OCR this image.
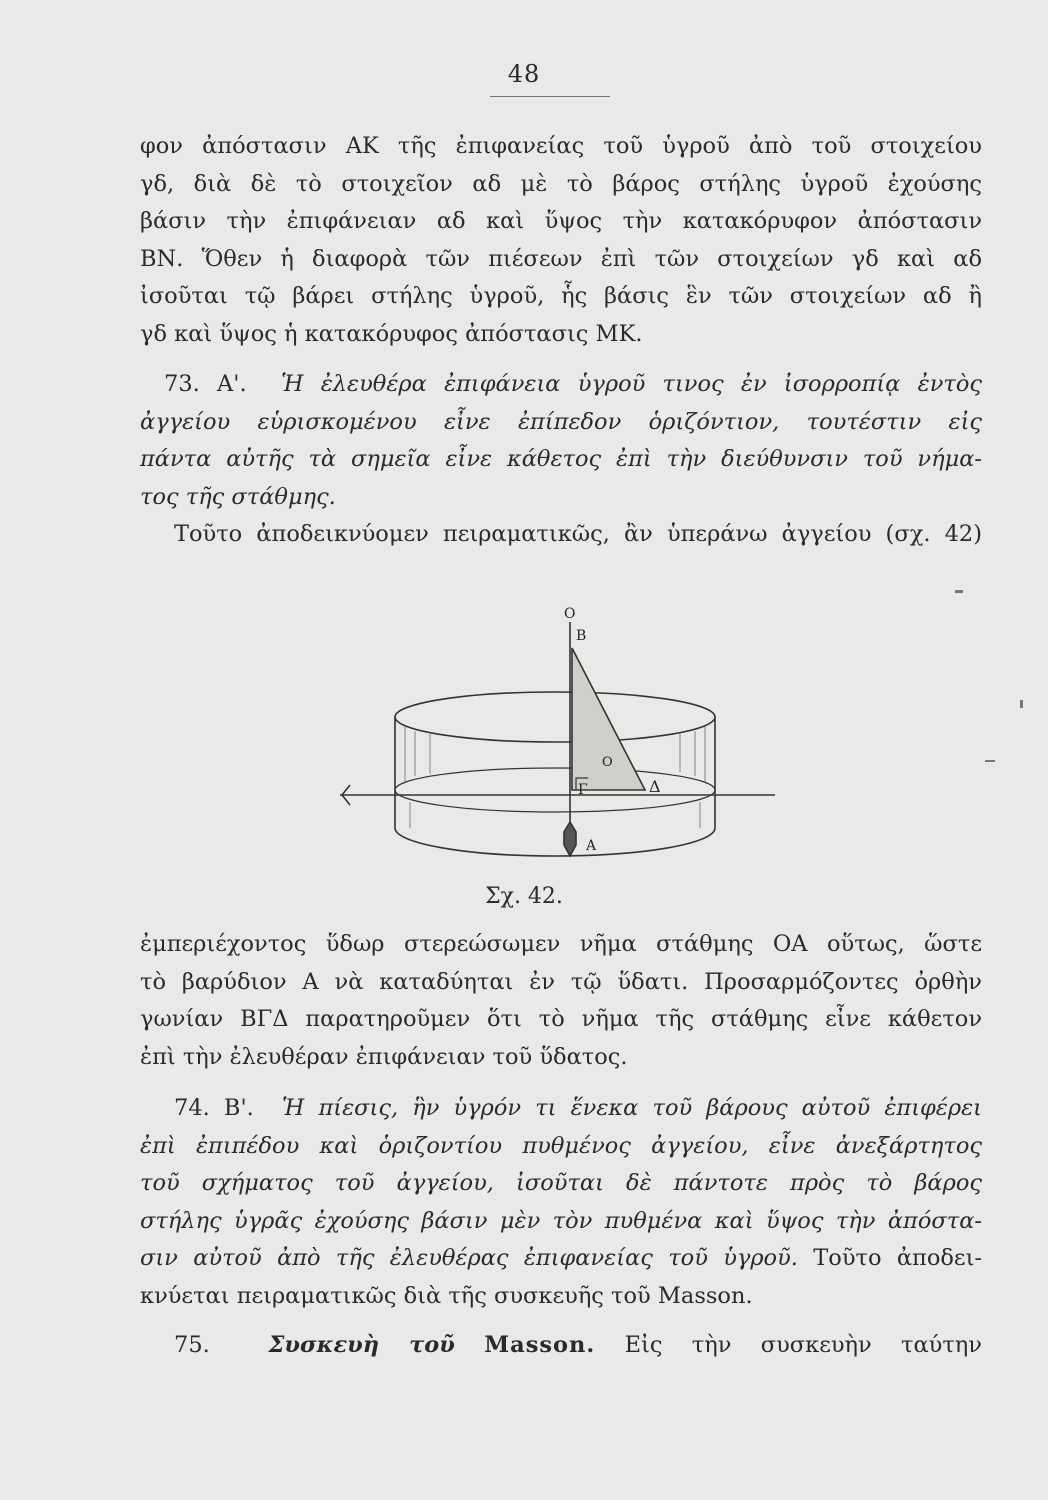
48
φον ἀπόστασιν ΑΚ τῆς ἐπιφανείας τοῦ ὑγροῦ ἀπὸ τοῦ στοιχείου
γδ, διὰ δὲ τὸ στοιχεῖον αδ μὲ τὸ βάρος στήλης ὑγροῦ ἐχούσης
βάσιν τὴν ἐπιφάνειαν αδ καὶ ὕψος τὴν κατακόρυφον ἀπόστασιν
ΒΝ. Ὅθεν ἡ διαφορὰ τῶν πιέσεων ἐπὶ τῶν στοιχείων γδ καὶ αδ
ἰσοῦται τῷ βάρει στήλης ὑγροῦ, ἧς βάσις ἓν τῶν στοιχείων αδ ἢ
γδ καὶ ὕψος ἡ κατακόρυφος ἀπόστασις ΜΚ.
73. Α'. Ἡ ἐλευθέρα ἐπιφάνεια ὑγροῦ τινος ἐν ἰσορροπίᾳ ἐντὸς
ἀγγείου εὑρισκομένου εἶνε ἐπίπεδον ὁριζόντιον, τουτέστιν εἰς
πάντα αὐτῆς τὰ σημεῖα εἶνε κάθετος ἐπὶ τὴν διεύθυνσιν τοῦ νήμα-
τος τῆς στάθμης.
Τοῦτο ἀποδεικνύομεν πειραματικῶς, ἂν ὑπεράνω ἀγγείου (σχ. 42)
O
B
Γ	Δ
O
A
Σχ. 42.
ἐμπεριέχοντος ὕδωρ στερεώσωμεν νῆμα στάθμης ΟΑ οὕτως, ὥστε
τὸ βαρύδιον Α νὰ καταδύηται ἐν τῷ ὕδατι. Προσαρμόζοντες ὀρθὴν
γωνίαν ΒΓΔ παρατηροῦμεν ὅτι τὸ νῆμα τῆς στάθμης εἶνε κάθετον
ἐπὶ τὴν ἐλευθέραν ἐπιφάνειαν τοῦ ὕδατος.
74. Β'. Ἡ πίεσις, ἣν ὑγρόν τι ἕνεκα τοῦ βάρους αὐτοῦ ἐπιφέρει
ἐπὶ ἐπιπέδου καὶ ὁριζοντίου πυθμένος ἀγγείου, εἶνε ἀνεξάρτητος
τοῦ σχήματος τοῦ ἀγγείου, ἰσοῦται δὲ πάντοτε πρὸς τὸ βάρος
στήλης ὑγρᾶς ἐχούσης βάσιν μὲν τὸν πυθμένα καὶ ὕψος τὴν ἀπόστα-
σιν αὐτοῦ ἀπὸ τῆς ἐλευθέρας ἐπιφανείας τοῦ ὑγροῦ. Τοῦτο ἀποδει-
κνύεται πειραματικῶς διὰ τῆς συσκευῆς τοῦ Masson.
75.	Συσκευὴ τοῦ Masson. Εἰς τὴν συσκευὴν ταύτην
